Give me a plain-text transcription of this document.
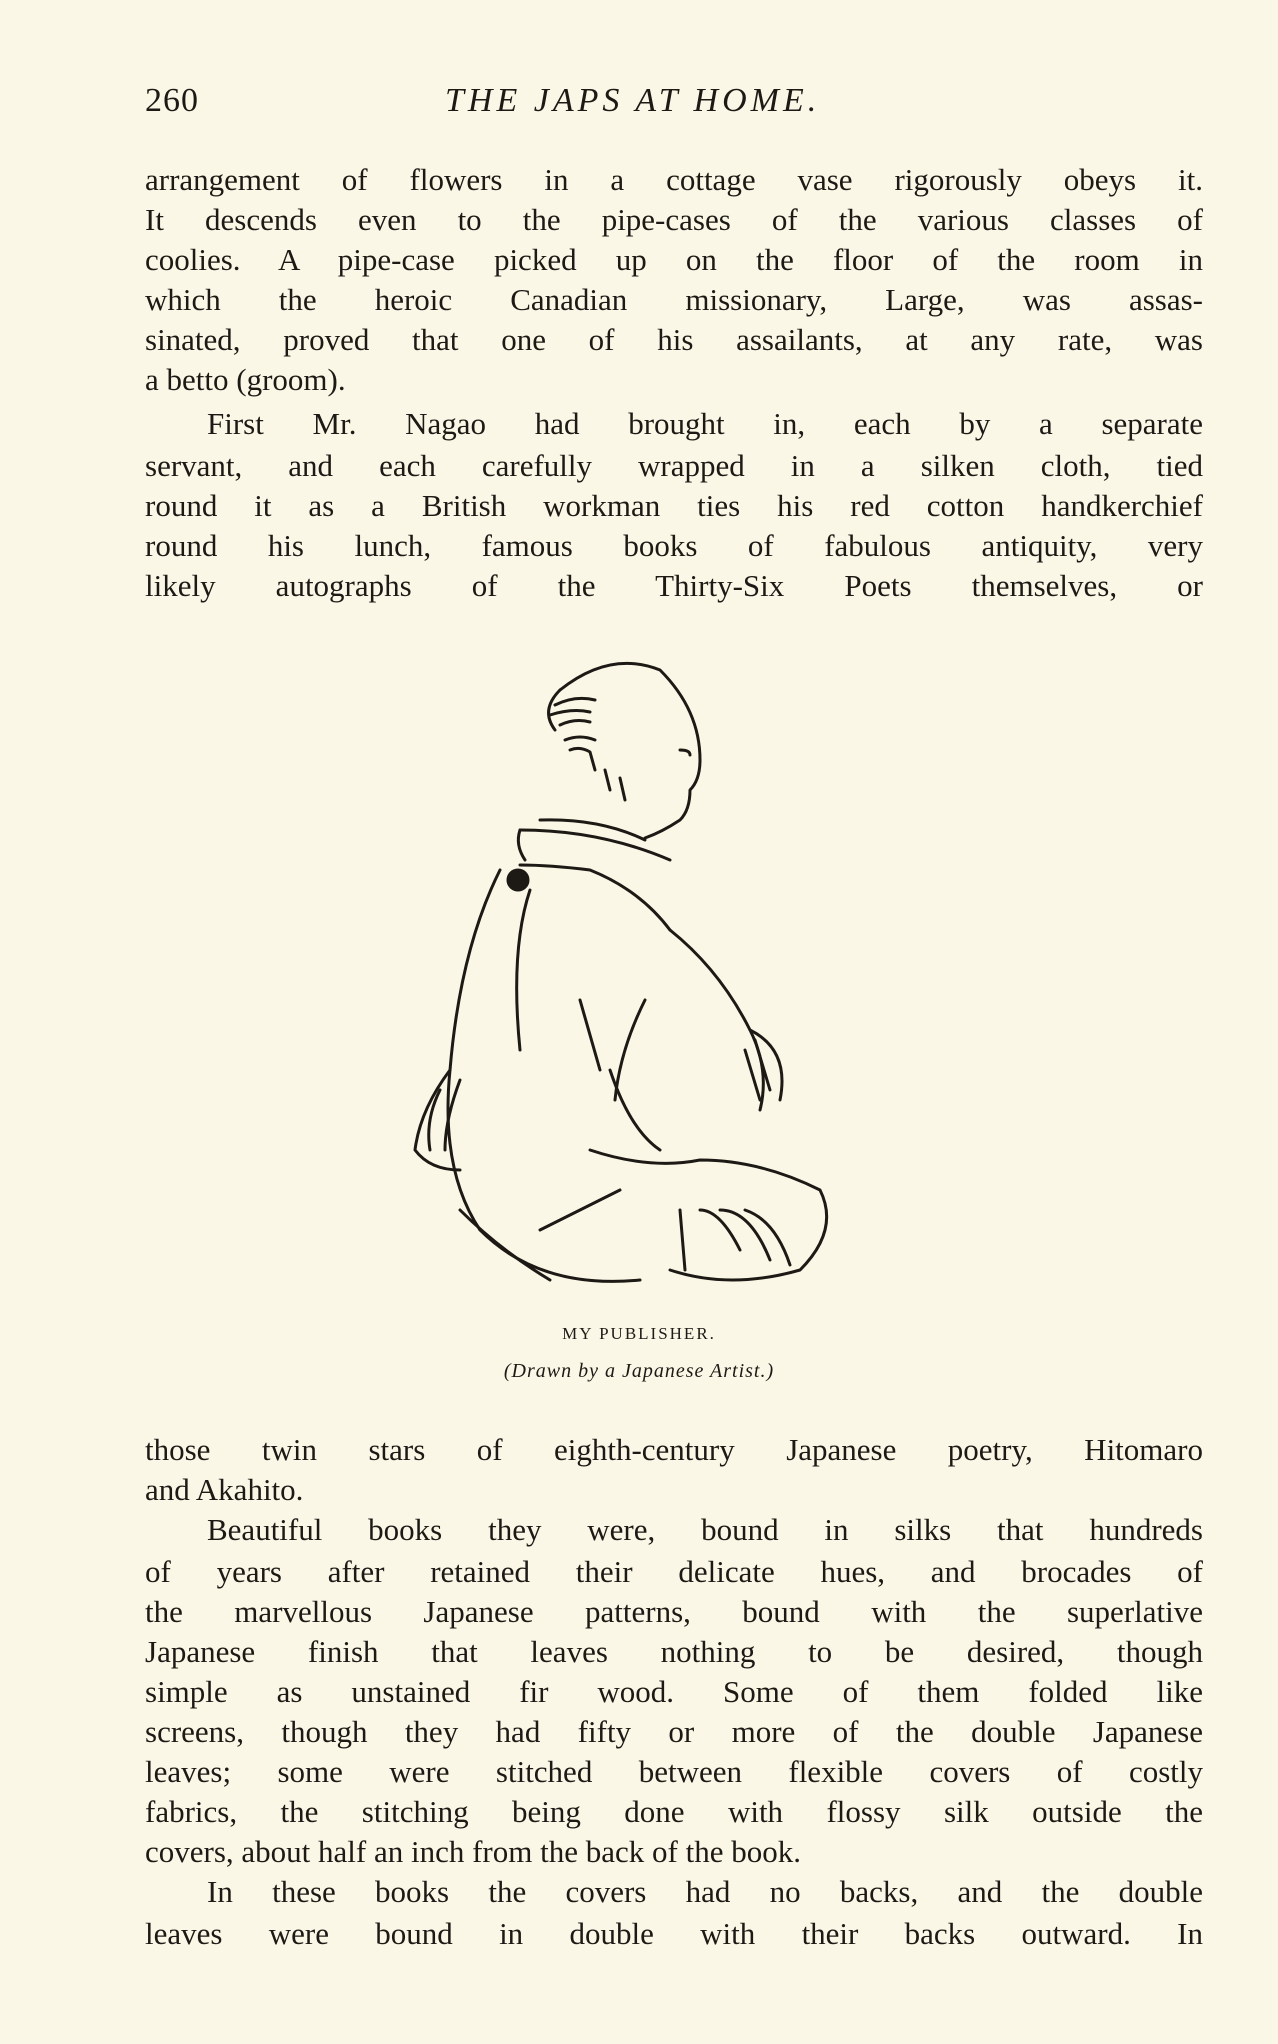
260	THE JAPS AT HOME.
arrangement of flowers in a cottage vase rigorously obeys it.
It descends even to the pipe-cases of the various classes of
coolies. A pipe-case picked up on the floor of the room in
which the heroic Canadian missionary, Large, was assas-
sinated, proved that one of his assailants, at any rate, was
a betto (groom).
First Mr. Nagao had brought in, each by a separate
servant, and each carefully wrapped in a silken cloth, tied
round it as a British workman ties his red cotton handkerchief
round his lunch, famous books of fabulous antiquity, very
likely autographs of the Thirty-Six Poets themselves, or
MY PUBLISHER.
(Drawn by a Japanese Artist.)
those twin stars of eighth-century Japanese poetry, Hitomaro
and Akahito.
Beautiful books they were, bound in silks that hundreds
of years after retained their delicate hues, and brocades of
the marvellous Japanese patterns, bound with the superlative
Japanese finish that leaves nothing to be desired, though
simple as unstained fir wood. Some of them folded like
screens, though they had fifty or more of the double Japanese
leaves; some were stitched between flexible covers of costly
fabrics, the stitching being done with flossy silk outside the
covers, about half an inch from the back of the book.
In these books the covers had no backs, and the double
leaves were bound in double with their backs outward. In
